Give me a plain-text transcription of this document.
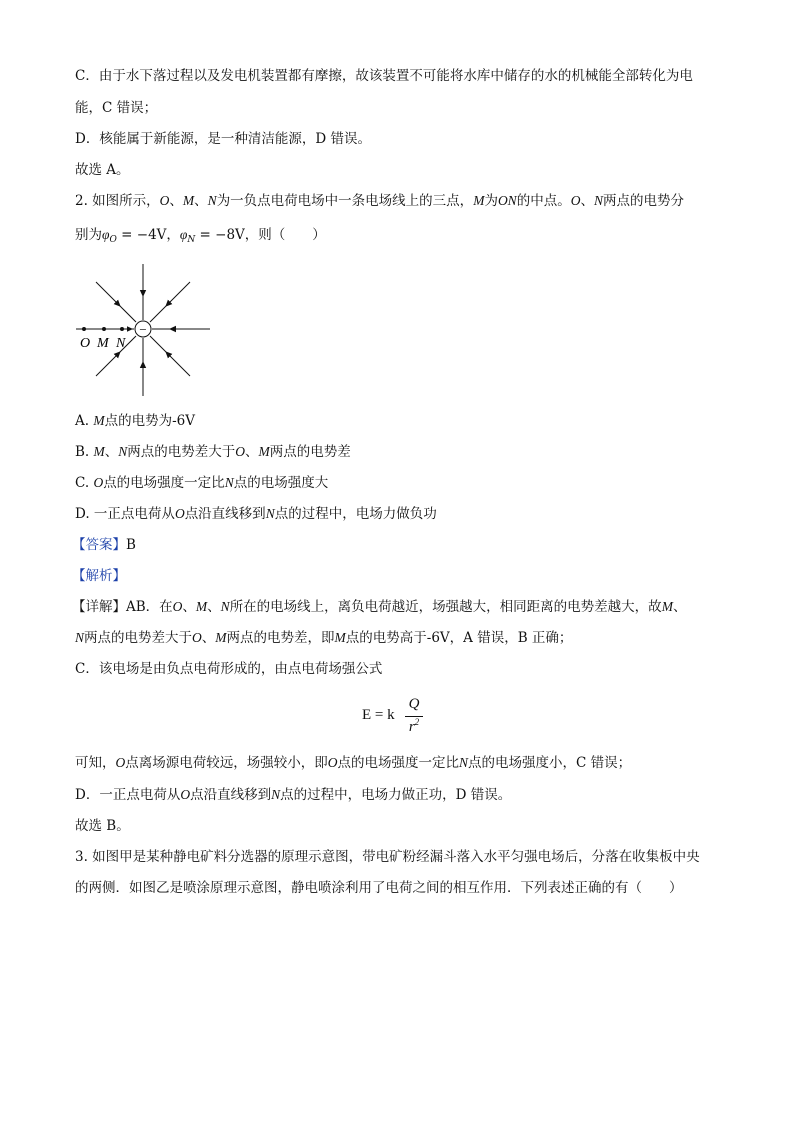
C．由于水下落过程以及发电机装置都有摩擦，故该装置不可能将水库中储存的水的机械能全部转化为电
能，C 错误；
D．核能属于新能源，是一种清洁能源，D 错误。
故选 A。
2. 如图所示，O、M、N为一负点电荷电场中一条电场线上的三点，M为ON的中点。O、N两点的电势分
别为$\varphi_O = -4V$，$\varphi_N = -8V$，则（　　）
−
O M N
A. M点的电势为-6V
B. M、N两点的电势差大于O、M两点的电势差
C. O点的电场强度一定比N点的电场强度大
D. 一正点电荷从O点沿直线移到N点的过程中，电场力做负功
【答案】B
【解析】
【详解】AB．在O、M、N所在的电场线上，离负电荷越近，场强越大，相同距离的电势差越大，故M、
N两点的电势差大于O、M两点的电势差，即M点的电势高于-6V，A 错误，B 正确；
C．该电场是由负点电荷形成的，由点电荷场强公式
E = k
Q
$r^2$
可知，O点离场源电荷较远，场强较小，即O点的电场强度一定比N点的电场强度小，C 错误；
D．一正点电荷从O点沿直线移到N点的过程中，电场力做正功，D 错误。
故选 B。
3. 如图甲是某种静电矿料分选器的原理示意图，带电矿粉经漏斗落入水平匀强电场后，分落在收集板中央
的两侧．如图乙是喷涂原理示意图，静电喷涂利用了电荷之间的相互作用．下列表述正确的有（　　）
